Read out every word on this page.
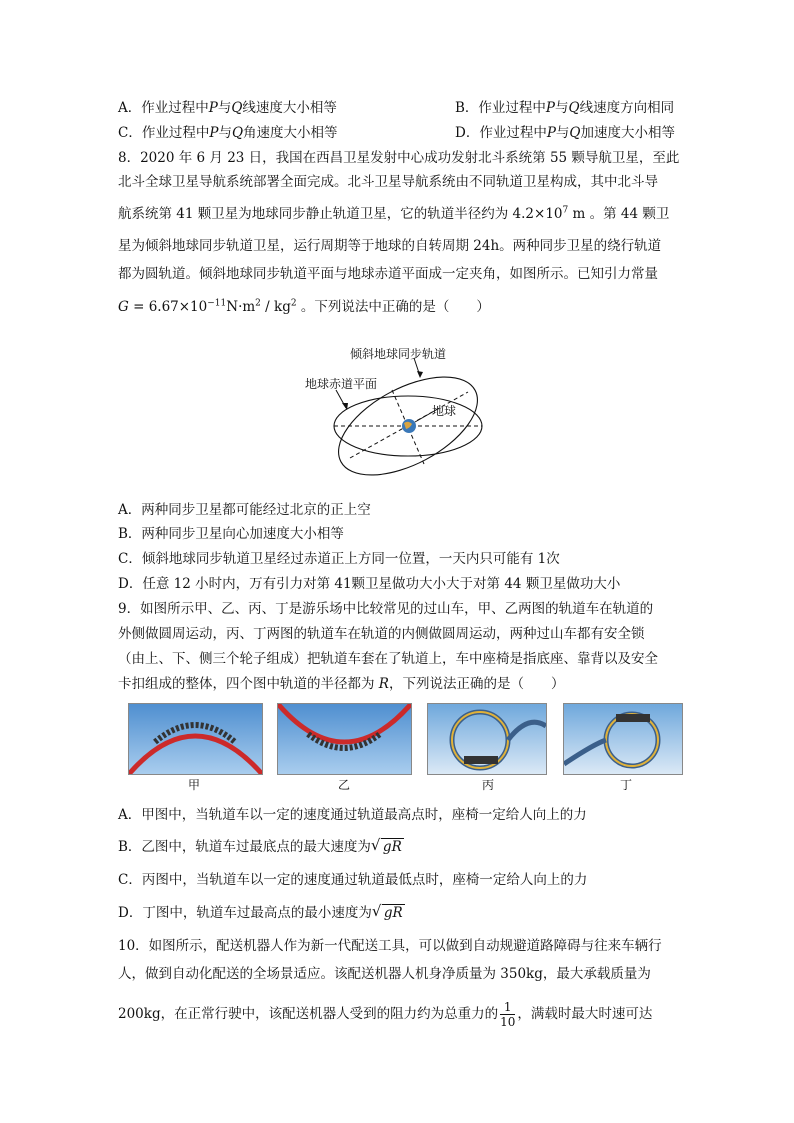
A．作业过程中P与Q线速度大小相等	B．作业过程中P与Q线速度方向相同
C．作业过程中P与Q角速度大小相等	D．作业过程中P与Q加速度大小相等
8．2020 年 6 月 23 日，我国在西昌卫星发射中心成功发射北斗系统第 55 颗导航卫星，至此
北斗全球卫星导航系统部署全面完成。北斗卫星导航系统由不同轨道卫星构成，其中北斗导
航系统第 41 颗卫星为地球同步静止轨道卫星，它的轨道半径约为 $4.2\times 10^7$ m 。第 44 颗卫
星为倾斜地球同步轨道卫星，运行周期等于地球的自转周期 24h。两种同步卫星的绕行轨道
都为圆轨道。倾斜地球同步轨道平面与地球赤道平面成一定夹角，如图所示。已知引力常量
$G = 6.67\times 10^{-11}N\cdot m^2 / kg^2$ 。下列说法中正确的是（　　）
倾斜地球同步轨道
地球赤道平面
地球
A．两种同步卫星都可能经过北京的正上空
B．两种同步卫星向心加速度大小相等
C．倾斜地球同步轨道卫星经过赤道正上方同一位置，一天内只可能有 1次
D．任意 12 小时内，万有引力对第 41颗卫星做功大小大于对第 44 颗卫星做功大小
9．如图所示甲、乙、丙、丁是游乐场中比较常见的过山车，甲、乙两图的轨道车在轨道的
外侧做圆周运动，丙、丁两图的轨道车在轨道的内侧做圆周运动，两种过山车都有安全锁
（由上、下、侧三个轮子组成）把轨道车套在了轨道上，车中座椅是指底座、靠背以及安全
卡扣组成的整体，四个图中轨道的半径都为 R，下列说法正确的是（　　）
甲	乙	丙	丁
A．甲图中，当轨道车以一定的速度通过轨道最高点时，座椅一定给人向上的力
B．乙图中，轨道车过最底点的最大速度为 √ gR
C．丙图中，当轨道车以一定的速度通过轨道最低点时，座椅一定给人向上的力
D．丁图中，轨道车过最高点的最小速度为 √ gR
10．如图所示，配送机器人作为新一代配送工具，可以做到自动规避道路障碍与往来车辆行
人，做到自动化配送的全场景适应。该配送机器人机身净质量为 350kg，最大承载质量为
200kg，在正常行驶中，该配送机器人受到的阻力约为总重力的 $\frac{1}{10}$ ，满载时最大时速可达
